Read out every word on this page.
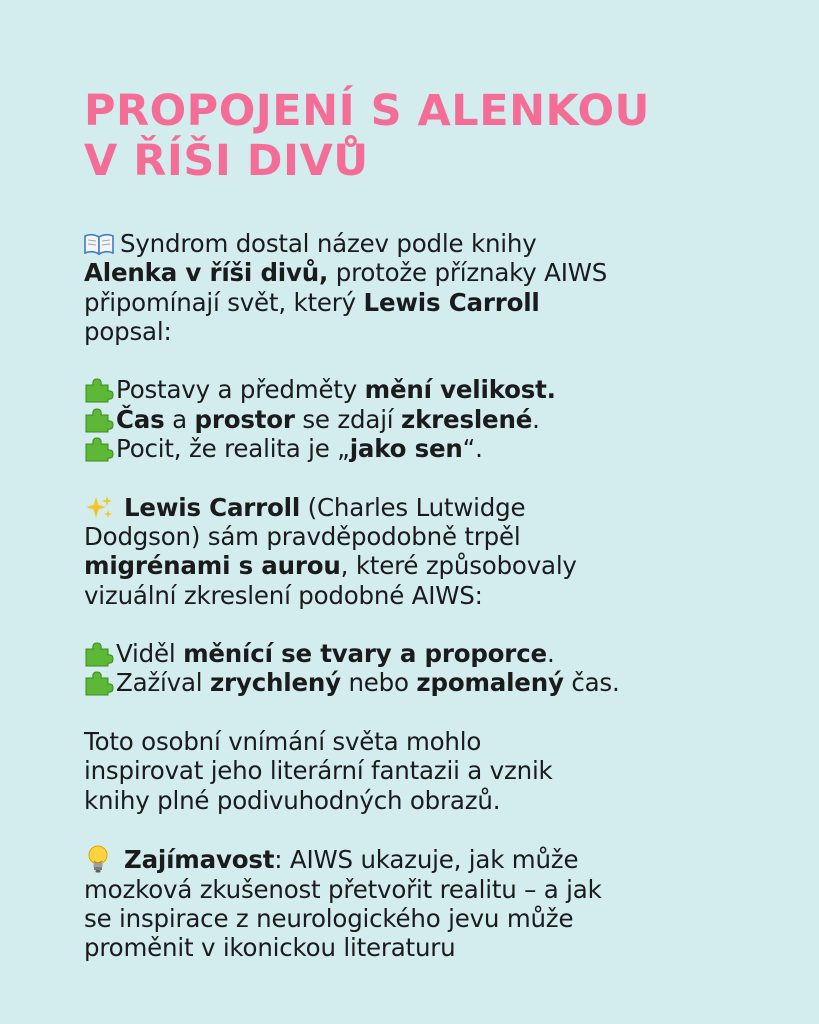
PROPOJENÍ S ALENKOU
V ŘÍŠI DIVŮ
Syndrom dostal název podle knihy
Alenka v říši divů, protože příznaky AIWS
připomínají svět, který Lewis Carroll
popsal:
Postavy a předměty mění velikost.
Čas a prostor se zdají zkreslené.
Pocit, že realita je „jako sen“.
Lewis Carroll (Charles Lutwidge
Dodgson) sám pravděpodobně trpěl
migrénami s aurou, které způsobovaly
vizuální zkreslení podobné AIWS:
Viděl měnící se tvary a proporce.
Zažíval zrychlený nebo zpomalený čas.
Toto osobní vnímání světa mohlo
inspirovat jeho literární fantazii a vznik
knihy plné podivuhodných obrazů.
Zajímavost: AIWS ukazuje, jak může
mozková zkušenost přetvořit realitu – a jak
se inspirace z neurologického jevu může
proměnit v ikonickou literaturu
